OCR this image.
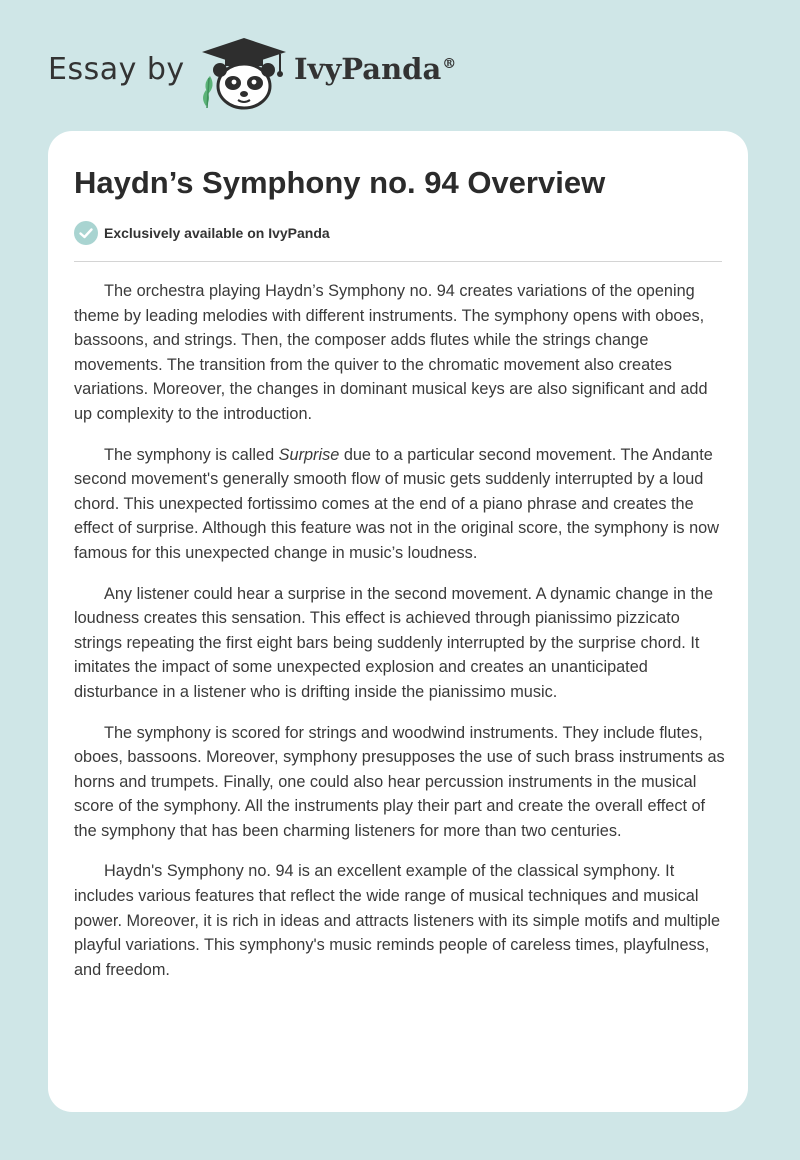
Essay by	IvyPanda®
Haydn’s Symphony no. 94 Overview
Exclusively available on IvyPanda

The orchestra playing Haydn’s Symphony no. 94 creates variations of the opening theme by leading melodies with different instruments. The symphony opens with oboes, bassoons, and strings. Then, the composer adds flutes while the strings change movements. The transition from the quiver to the chromatic movement also creates variations. Moreover, the changes in dominant musical keys are also significant and add up complexity to the introduction.

The symphony is called Surprise due to a particular second movement. The Andante second movement's generally smooth flow of music gets suddenly interrupted by a loud chord. This unexpected fortissimo comes at the end of a piano phrase and creates the effect of surprise. Although this feature was not in the original score, the symphony is now famous for this unexpected change in music’s loudness.

Any listener could hear a surprise in the second movement. A dynamic change in the loudness creates this sensation. This effect is achieved through pianissimo pizzicato strings repeating the first eight bars being suddenly interrupted by the surprise chord. It imitates the impact of some unexpected explosion and creates an unanticipated disturbance in a listener who is drifting inside the pianissimo music.

The symphony is scored for strings and woodwind instruments. They include flutes, oboes, bassoons. Moreover, symphony presupposes the use of such brass instruments as horns and trumpets. Finally, one could also hear percussion instruments in the musical score of the symphony. All the instruments play their part and create the overall effect of the symphony that has been charming listeners for more than two centuries.

Haydn's Symphony no. 94 is an excellent example of the classical symphony. It includes various features that reflect the wide range of musical techniques and musical power. Moreover, it is rich in ideas and attracts listeners with its simple motifs and multiple playful variations. This symphony's music reminds people of careless times, playfulness, and freedom.
